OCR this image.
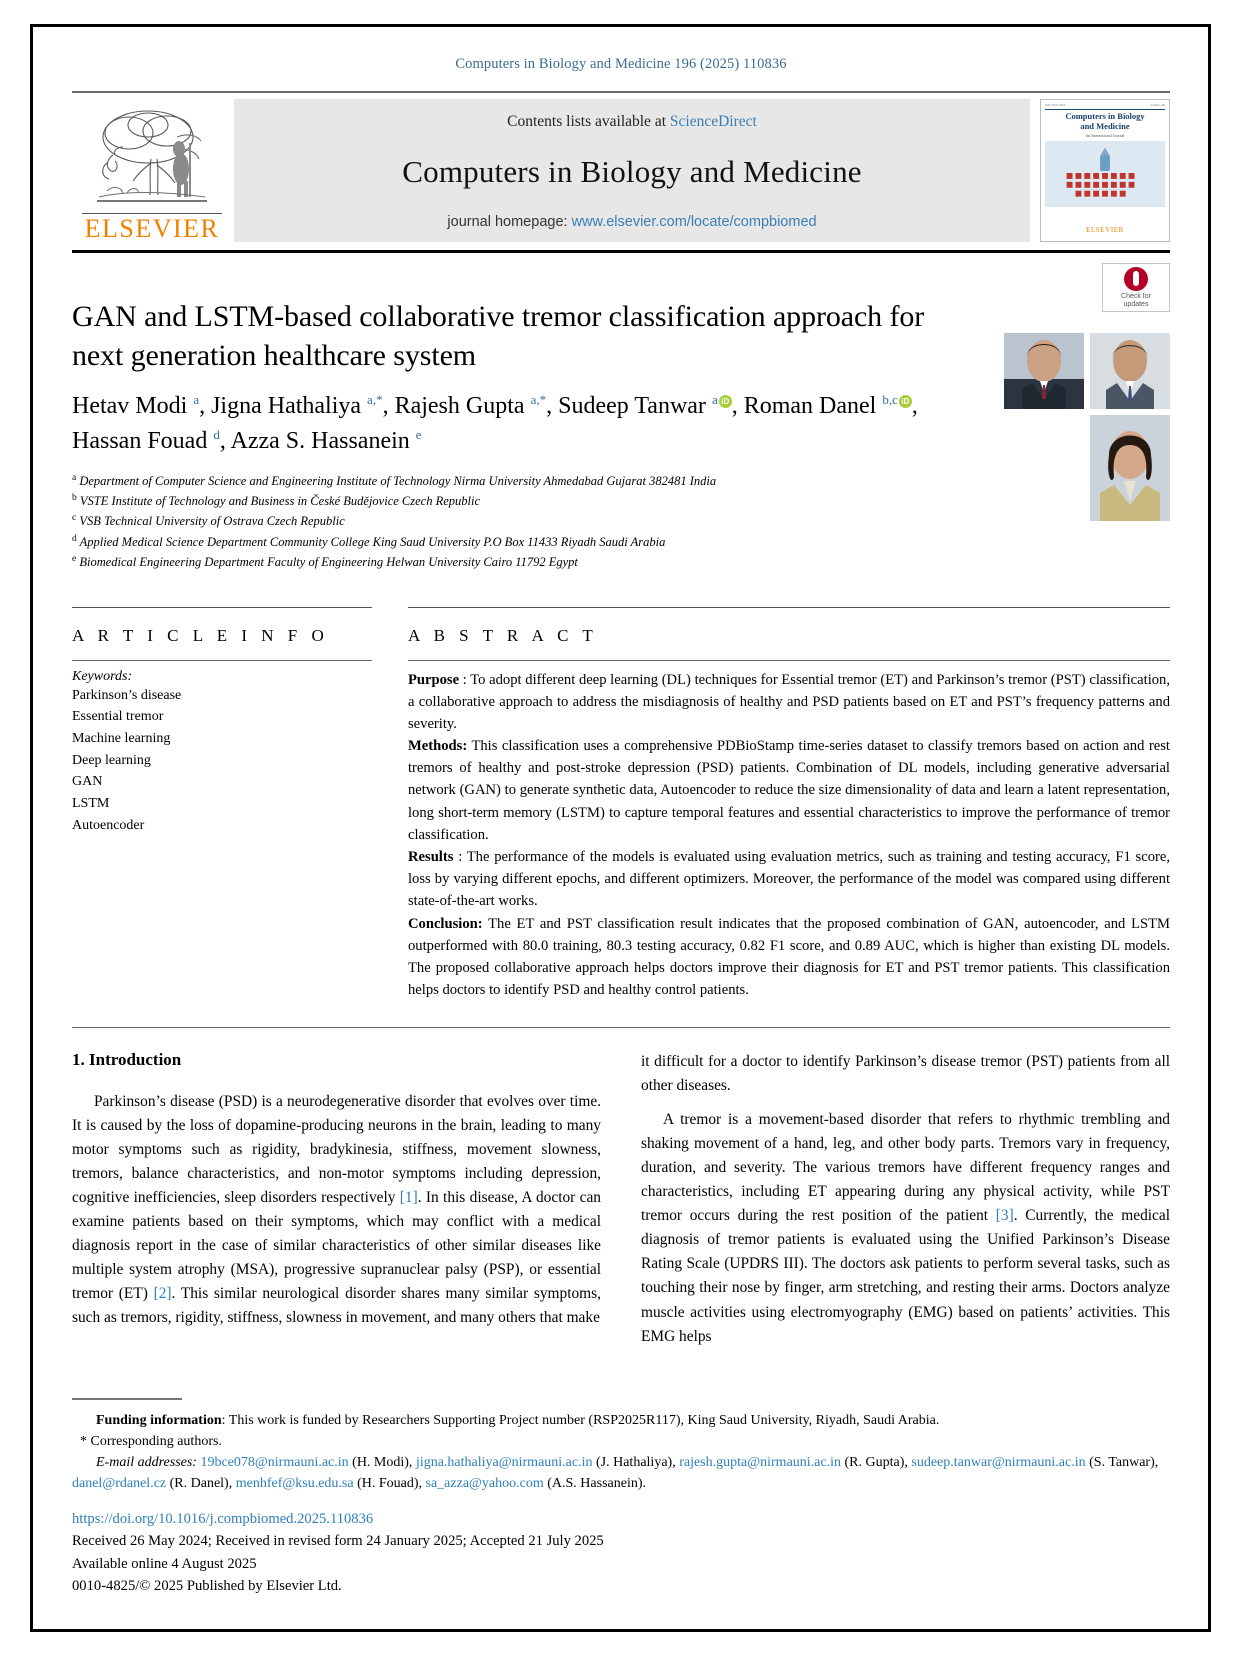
Computers in Biology and Medicine 196 (2025) 110836
ELSEVIER
Contents lists available at ScienceDirect
Computers in Biology and Medicine
journal homepage: www.elsevier.com/locate/compbiomed
ISSN 0010-4825	Volume 196
Computers in Biology
and Medicine
An International Journal
ELSEVIER
Check for
updates
GAN and LSTM-based collaborative tremor classification approach for next generation healthcare system
Hetav Modi $^a$, Jigna Hathaliya $^{a,*}$, Rajesh Gupta $^{a,*}$, Sudeep Tanwar $^a$ iD , Roman Danel $^{b,c}$ iD , Hassan Fouad $^d$, Azza S. Hassanein $^e$
$^a$ Department of Computer Science and Engineering Institute of Technology Nirma University Ahmedabad Gujarat 382481 India
$^b$ VSTE Institute of Technology and Business in České Budějovice Czech Republic
$^c$ VSB Technical University of Ostrava Czech Republic
$^d$ Applied Medical Science Department Community College King Saud University P.O Box 11433 Riyadh Saudi Arabia
$^e$ Biomedical Engineering Department Faculty of Engineering Helwan University Cairo 11792 Egypt
A R T I C L E I N F O
Keywords:
Parkinson’s disease
Essential tremor
Machine learning
Deep learning
GAN
LSTM
Autoencoder
A B S T R A C T
Purpose : To adopt different deep learning (DL) techniques for Essential tremor (ET) and Parkinson’s tremor (PST) classification, a collaborative approach to address the misdiagnosis of healthy and PSD patients based on ET and PST’s frequency patterns and severity.
Methods: This classification uses a comprehensive PDBioStamp time-series dataset to classify tremors based on action and rest tremors of healthy and post-stroke depression (PSD) patients. Combination of DL models, including generative adversarial network (GAN) to generate synthetic data, Autoencoder to reduce the size dimensionality of data and learn a latent representation, long short-term memory (LSTM) to capture temporal features and essential characteristics to improve the performance of tremor classification.
Results : The performance of the models is evaluated using evaluation metrics, such as training and testing accuracy, F1 score, loss by varying different epochs, and different optimizers. Moreover, the performance of the model was compared using different state-of-the-art works.
Conclusion: The ET and PST classification result indicates that the proposed combination of GAN, autoencoder, and LSTM outperformed with 80.0 training, 80.3 testing accuracy, 0.82 F1 score, and 0.89 AUC, which is higher than existing DL models. The proposed collaborative approach helps doctors improve their diagnosis for ET and PST tremor patients. This classification helps doctors to identify PSD and healthy control patients.
1. Introduction

Parkinson’s disease (PSD) is a neurodegenerative disorder that evolves over time. It is caused by the loss of dopamine-producing neurons in the brain, leading to many motor symptoms such as rigidity, bradykinesia, stiffness, movement slowness, tremors, balance characteristics, and non-motor symptoms including depression, cognitive inefficiencies, sleep disorders respectively [1]. In this disease, A doctor can examine patients based on their symptoms, which may conflict with a medical diagnosis report in the case of similar characteristics of other similar diseases like multiple system atrophy (MSA), progressive supranuclear palsy (PSP), or essential tremor (ET) [2]. This similar neurological disorder shares many similar symptoms, such as tremors, rigidity, stiffness, slowness in movement, and many others that make

it difficult for a doctor to identify Parkinson’s disease tremor (PST) patients from all other diseases.

A tremor is a movement-based disorder that refers to rhythmic trembling and shaking movement of a hand, leg, and other body parts. Tremors vary in frequency, duration, and severity. The various tremors have different frequency ranges and characteristics, including ET appearing during any physical activity, while PST tremor occurs during the rest position of the patient [3]. Currently, the medical diagnosis of tremor patients is evaluated using the Unified Parkinson’s Disease Rating Scale (UPDRS III). The doctors ask patients to perform several tasks, such as touching their nose by finger, arm stretching, and resting their arms. Doctors analyze muscle activities using electromyography (EMG) based on patients’ activities. This EMG helps

Funding information: This work is funded by Researchers Supporting Project number (RSP2025R117), King Saud University, Riyadh, Saudi Arabia.
* Corresponding authors.
E-mail addresses: 19bce078@nirmauni.ac.in (H. Modi), jigna.hathaliya@nirmauni.ac.in (J. Hathaliya), rajesh.gupta@nirmauni.ac.in (R. Gupta), sudeep.tanwar@nirmauni.ac.in (S. Tanwar), danel@rdanel.cz (R. Danel), menhfef@ksu.edu.sa (H. Fouad), sa_azza@yahoo.com (A.S. Hassanein).
https://doi.org/10.1016/j.compbiomed.2025.110836
Received 26 May 2024; Received in revised form 24 January 2025; Accepted 21 July 2025
Available online 4 August 2025
0010-4825/© 2025 Published by Elsevier Ltd.
